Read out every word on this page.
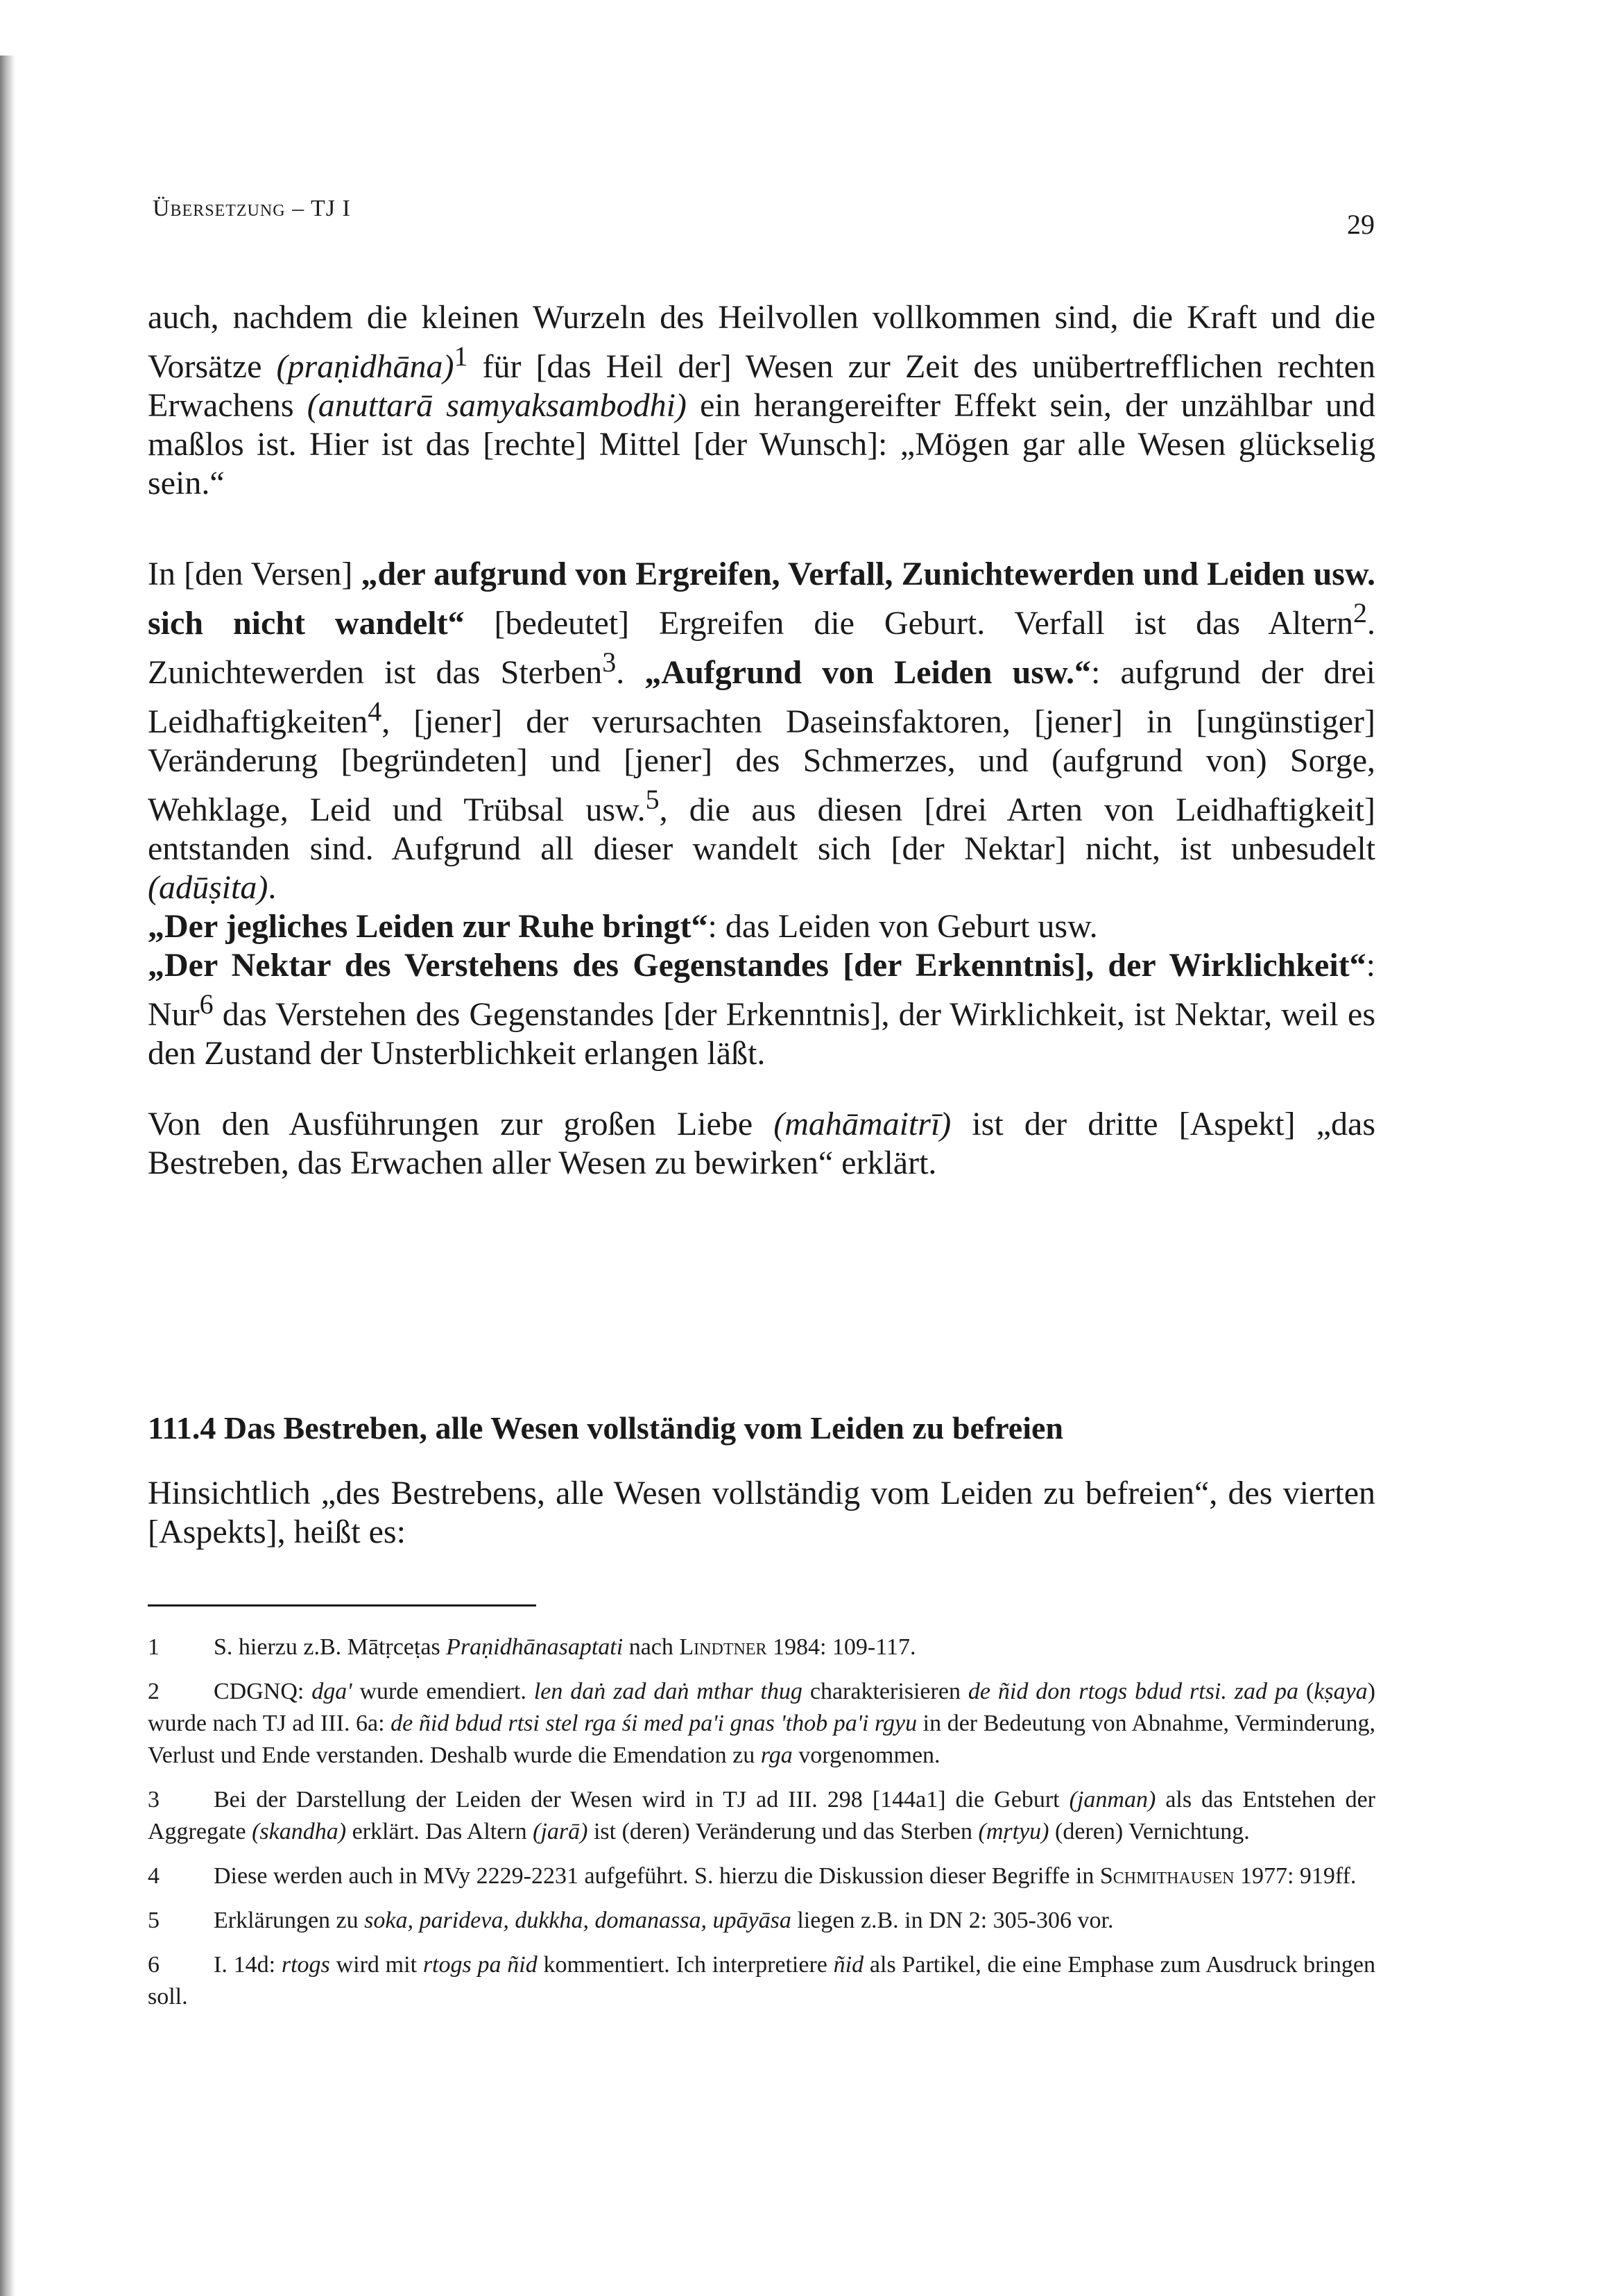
Übersetzung – TJ I
29

auch, nachdem die kleinen Wurzeln des Heilvollen vollkommen sind, die Kraft und die Vorsätze (praṇidhāna)$^1$ für [das Heil der] Wesen zur Zeit des unübertrefflichen rechten Erwachens (anuttarā samyaksambodhi) ein herangereifter Effekt sein, der unzählbar und maßlos ist. Hier ist das [rechte] Mittel [der Wunsch]: „Mögen gar alle Wesen glückselig sein.“

In [den Versen] „der aufgrund von Ergreifen, Verfall, Zunichtewerden und Leiden usw. sich nicht wandelt“ [bedeutet] Ergreifen die Geburt. Verfall ist das Altern$^2$. Zunichtewerden ist das Sterben$^3$. „Aufgrund von Leiden usw.“: aufgrund der drei Leidhaftigkeiten$^4$, [jener] der verursachten Daseinsfaktoren, [jener] in [ungünstiger] Veränderung [begründeten] und [jener] des Schmerzes, und (aufgrund von) Sorge, Wehklage, Leid und Trübsal usw.$^5$, die aus diesen [drei Arten von Leidhaftigkeit] entstanden sind. Aufgrund all dieser wandelt sich [der Nektar] nicht, ist unbesudelt (adūṣita).

„Der jegliches Leiden zur Ruhe bringt“: das Leiden von Geburt usw.

„Der Nektar des Verstehens des Gegenstandes [der Erkenntnis], der Wirklichkeit“: Nur$^6$ das Verstehen des Gegenstandes [der Erkenntnis], der Wirklichkeit, ist Nektar, weil es den Zustand der Unsterblichkeit erlangen läßt.

Von den Ausführungen zur großen Liebe (mahāmaitrī) ist der dritte [Aspekt] „das Bestreben, das Erwachen aller Wesen zu bewirken“ erklärt.

111.4 Das Bestreben, alle Wesen vollständig vom Leiden zu befreien

Hinsichtlich „des Bestrebens, alle Wesen vollständig vom Leiden zu befreien“, des vierten [Aspekts], heißt es:

1 S. hierzu z.B. Mātṛceṭas Praṇidhānasaptati nach Lindtner 1984: 109-117.

2 CDGNQ: dga' wurde emendiert. len daṅ zad daṅ mthar thug charakterisieren de ñid don rtogs bdud rtsi. zad pa (kṣaya) wurde nach TJ ad III. 6a: de ñid bdud rtsi stel rga śi med pa'i gnas 'thob pa'i rgyu in der Bedeutung von Abnahme, Verminderung, Verlust und Ende verstanden. Deshalb wurde die Emendation zu rga vorgenommen.

3 Bei der Darstellung der Leiden der Wesen wird in TJ ad III. 298 [144a1] die Geburt (janman) als das Entstehen der Aggregate (skandha) erklärt. Das Altern (jarā) ist (deren) Veränderung und das Sterben (mṛtyu) (deren) Vernichtung.

4 Diese werden auch in MVy 2229-2231 aufgeführt. S. hierzu die Diskussion dieser Begriffe in Schmithausen 1977: 919ff.

5 Erklärungen zu soka, parideva, dukkha, domanassa, upāyāsa liegen z.B. in DN 2: 305-306 vor.

6 I. 14d: rtogs wird mit rtogs pa ñid kommentiert. Ich interpretiere ñid als Partikel, die eine Emphase zum Ausdruck bringen soll.
